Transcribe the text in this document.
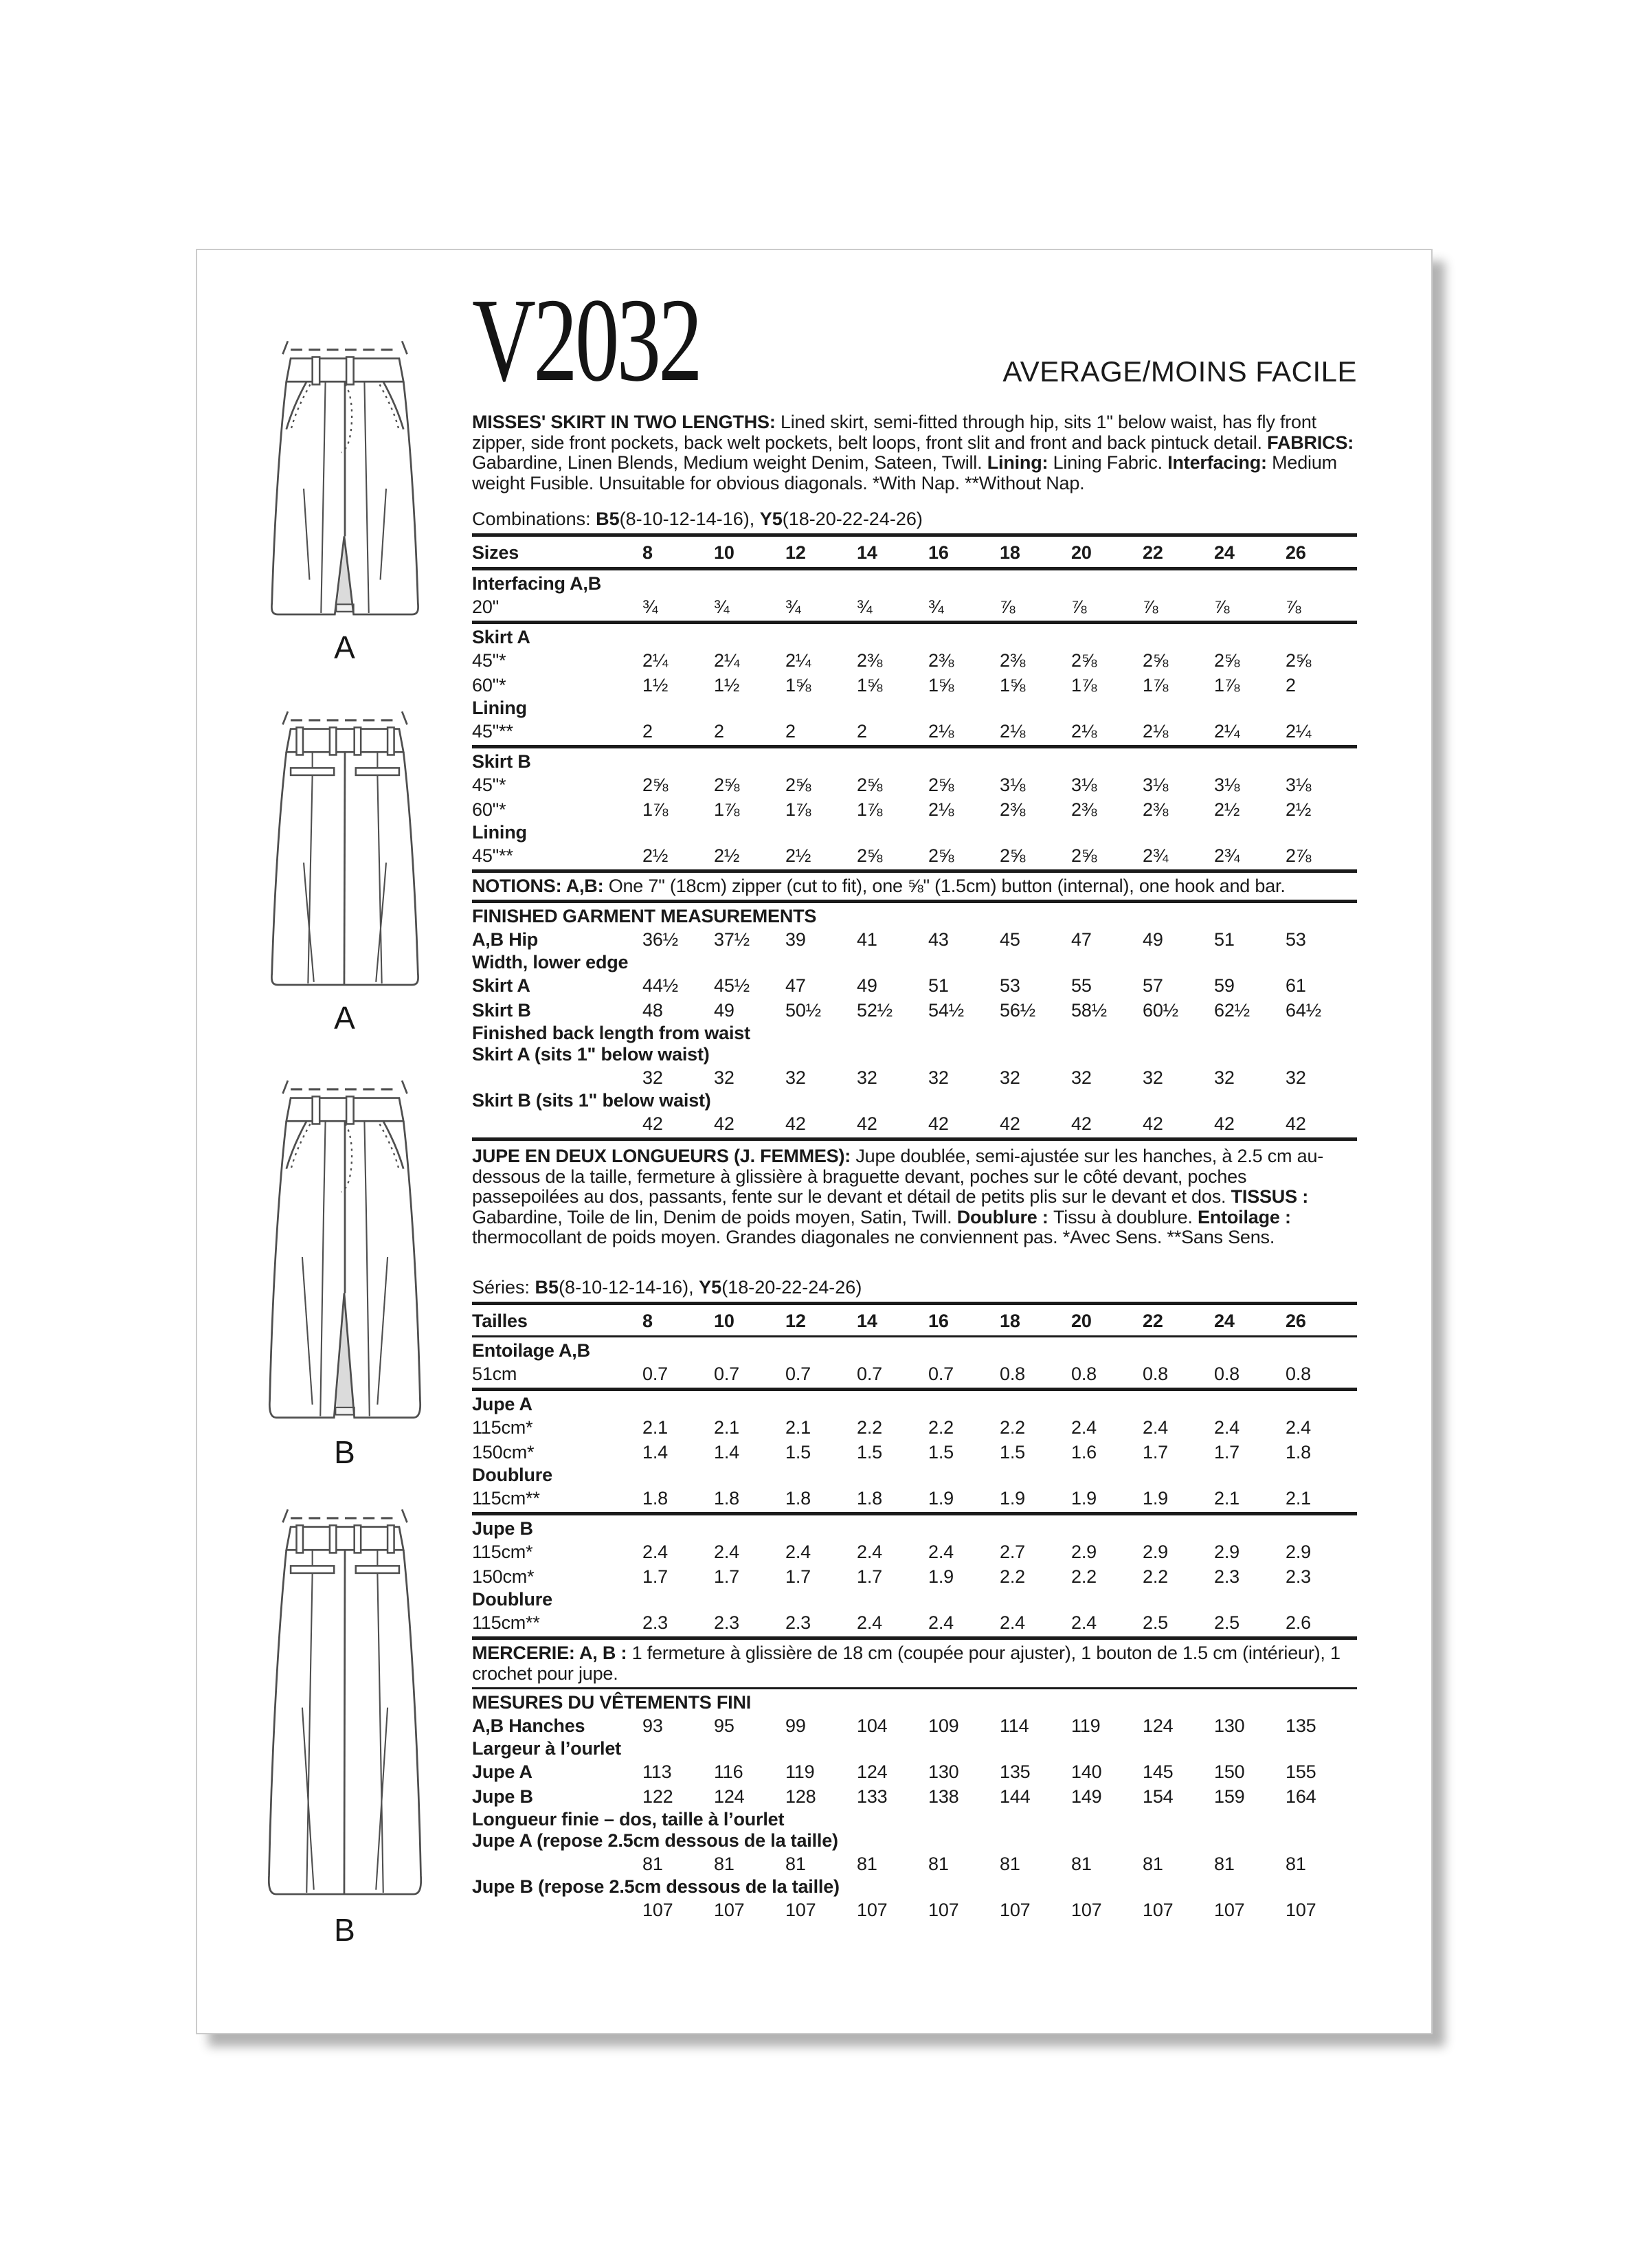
A
A
B
B
V2032	AVERAGE/MOINS FACILE

MISSES' SKIRT IN TWO LENGTHS: Lined skirt, semi-fitted through hip, sits 1" below waist, has fly front zipper, side front pockets, back welt pockets, belt loops, front slit and front and back pintuck detail. FABRICS: Gabardine, Linen Blends, Medium weight Denim, Sateen, Twill. Lining: Lining Fabric. Interfacing: Medium weight Fusible. Unsuitable for obvious diagonals. *With Nap. **Without Nap.

Combinations: B5(8-10-12-14-16), Y5(18-20-22-24-26)

Sizes	8	10	12	14	16	18	20	22	24	26
Interfacing A,B
20"	¾	¾	¾	¾	¾	⅞	⅞	⅞	⅞	⅞
Skirt A
45"*	2¼	2¼	2¼	2⅜	2⅜	2⅜	2⅝	2⅝	2⅝	2⅝
60"*	1½	1½	1⅝	1⅝	1⅝	1⅝	1⅞	1⅞	1⅞	2
Lining
45"**	2	2	2	2	2⅛	2⅛	2⅛	2⅛	2¼	2¼
Skirt B
45"*	2⅝	2⅝	2⅝	2⅝	2⅝	3⅛	3⅛	3⅛	3⅛	3⅛
60"*	1⅞	1⅞	1⅞	1⅞	2⅛	2⅜	2⅜	2⅜	2½	2½
Lining
45"**	2½	2½	2½	2⅝	2⅝	2⅝	2⅝	2¾	2¾	2⅞
NOTIONS: A,B: One 7" (18cm) zipper (cut to fit), one ⅝" (1.5cm) button (internal), one hook and bar.
FINISHED GARMENT MEASUREMENTS
A,B Hip	36½	37½	39	41	43	45	47	49	51	53
Width, lower edge
Skirt A	44½	45½	47	49	51	53	55	57	59	61
Skirt B	48	49	50½	52½	54½	56½	58½	60½	62½	64½
Finished back length from waist
Skirt A (sits 1" below waist)
32	32	32	32	32	32	32	32	32	32
Skirt B (sits 1" below waist)
42	42	42	42	42	42	42	42	42	42

JUPE EN DEUX LONGUEURS (J. FEMMES): Jupe doublée, semi-ajustée sur les hanches, à 2.5 cm au-dessous de la taille, fermeture à glissière à braguette devant, poches sur le côté devant, poches passepoilées au dos, passants, fente sur le devant et détail de petits plis sur le devant et dos. TISSUS : Gabardine, Toile de lin, Denim de poids moyen, Satin, Twill. Doublure : Tissu à doublure. Entoilage : thermocollant de poids moyen. Grandes diagonales ne conviennent pas. *Avec Sens. **Sans Sens.

Séries: B5(8-10-12-14-16), Y5(18-20-22-24-26)

Tailles	8	10	12	14	16	18	20	22	24	26
Entoilage A,B
51cm	0.7	0.7	0.7	0.7	0.7	0.8	0.8	0.8	0.8	0.8
Jupe A
115cm*	2.1	2.1	2.1	2.2	2.2	2.2	2.4	2.4	2.4	2.4
150cm*	1.4	1.4	1.5	1.5	1.5	1.5	1.6	1.7	1.7	1.8
Doublure
115cm**	1.8	1.8	1.8	1.8	1.9	1.9	1.9	1.9	2.1	2.1
Jupe B
115cm*	2.4	2.4	2.4	2.4	2.4	2.7	2.9	2.9	2.9	2.9
150cm*	1.7	1.7	1.7	1.7	1.9	2.2	2.2	2.2	2.3	2.3
Doublure
115cm**	2.3	2.3	2.3	2.4	2.4	2.4	2.4	2.5	2.5	2.6
MERCERIE: A, B : 1 fermeture à glissière de 18 cm (coupée pour ajuster), 1 bouton de 1.5 cm (intérieur), 1 crochet pour jupe.
MESURES DU VÊTEMENTS FINI
A,B Hanches	93	95	99	104	109	114	119	124	130	135
Largeur à l’ourlet
Jupe A	113	116	119	124	130	135	140	145	150	155
Jupe B	122	124	128	133	138	144	149	154	159	164
Longueur finie – dos, taille à l’ourlet
Jupe A (repose 2.5cm dessous de la taille)
81	81	81	81	81	81	81	81	81	81
Jupe B (repose 2.5cm dessous de la taille)
107	107	107	107	107	107	107	107	107	107
